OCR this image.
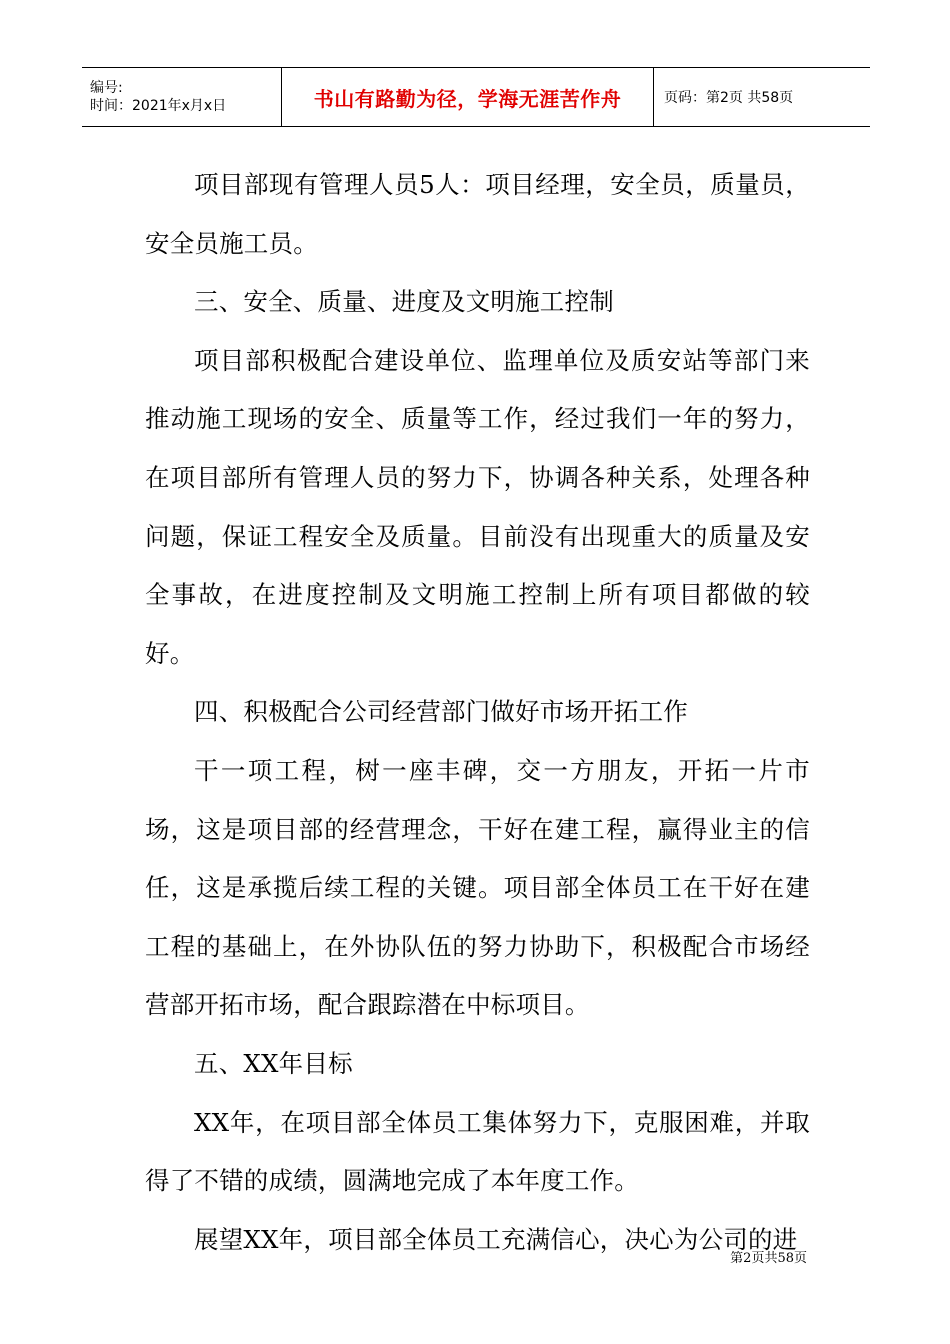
编号:
时间：2021年x月x日	书山有路勤为径，学海无涯苦作舟	页码：第2页 共58页

项目部现有管理人员5人：项目经理，安全员，质量员，安全员施工员。

三、安全、质量、进度及文明施工控制

项目部积极配合建设单位、监理单位及质安站等部门来推动施工现场的安全、质量等工作，经过我们一年的努力，在项目部所有管理人员的努力下，协调各种关系，处理各种问题，保证工程安全及质量。目前没有出现重大的质量及安全事故，在进度控制及文明施工控制上所有项目都做的较好。

四、积极配合公司经营部门做好市场开拓工作

干一项工程，树一座丰碑，交一方朋友，开拓一片市场，这是项目部的经营理念，干好在建工程，赢得业主的信任，这是承揽后续工程的关键。项目部全体员工在干好在建工程的基础上，在外协队伍的努力协助下，积极配合市场经营部开拓市场，配合跟踪潜在中标项目。

五、XX年目标

XX年，在项目部全体员工集体努力下，克服困难，并取得了不错的成绩，圆满地完成了本年度工作。

展望XX年，项目部全体员工充满信心，决心为公司的进

第2页共58页
